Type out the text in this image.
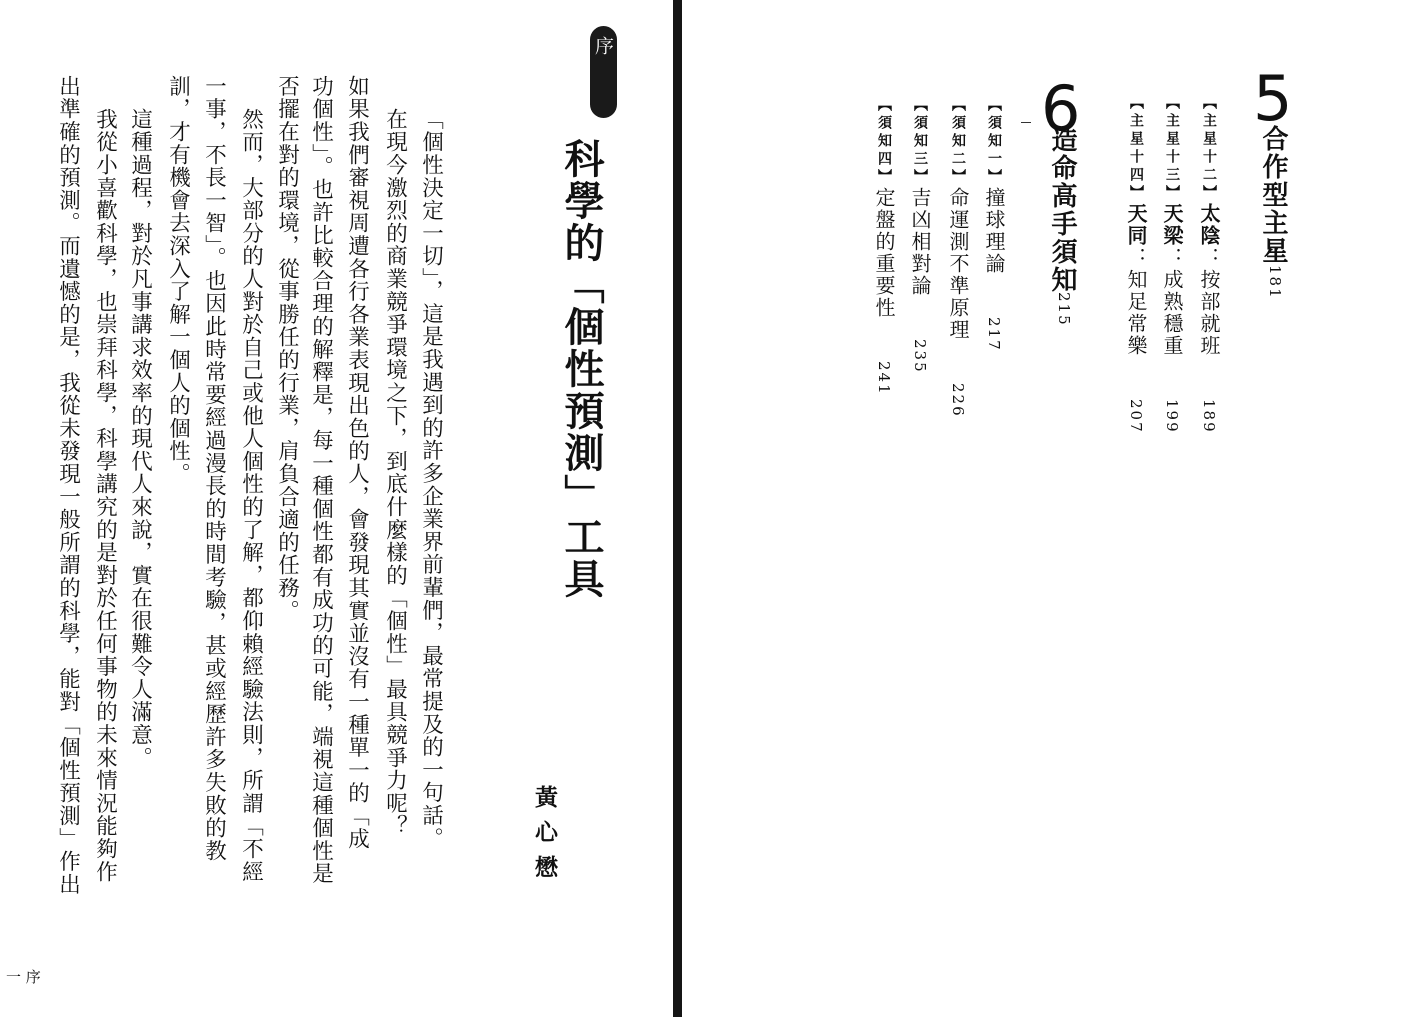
序
科學的「個性預測」工具
黃心懋
「個性決定一切」，這是我遇到的許多企業界前輩們，最常提及的一句話。
在現今激烈的商業競爭環境之下，到底什麼樣的「個性」最具競爭力呢？
如果我們審視周遭各行各業表現出色的人，會發現其實並沒有一種單一的「成
功個性」。也許比較合理的解釋是，每一種個性都有成功的可能，端視這種個性是
否擺在對的環境，從事勝任的行業，肩負合適的任務。
然而，大部分的人對於自己或他人個性的了解，都仰賴經驗法則，所謂「不經
一事，不長一智」。也因此時常要經過漫長的時間考驗，甚或經歷許多失敗的教
訓，才有機會去深入了解一個人的個性。
這種過程，對於凡事講求效率的現代人來說，實在很難令人滿意。
我從小喜歡科學，也崇拜科學，科學講究的是對於任何事物的未來情況能夠作
出準確的預測。而遺憾的是，我從未發現一般所謂的科學，能對「個性預測」作出
一 序
5
合作型主星
181
【主星十二】太陰：按部就班189
【主星十三】天梁：成熟穩重199
【主星十四】天同：知足常樂207
6
造命高手須知
215
【須知一】撞球理論217
【須知二】命運測不準原理226
【須知三】吉凶相對論235
【須知四】定盤的重要性241
